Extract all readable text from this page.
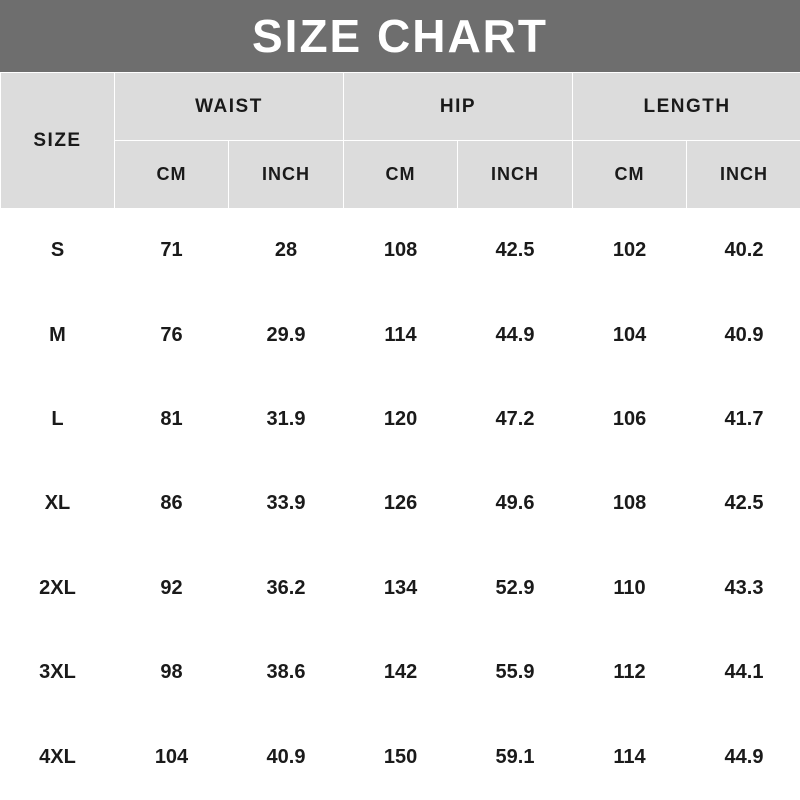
SIZE CHART
SIZE	WAIST		HIP		LENGTH	
	CM	INCH	CM	INCH	CM	INCH
S	71	28	108	42.5	102	40.2
M	76	29.9	114	44.9	104	40.9
L	81	31.9	120	47.2	106	41.7
XL	86	33.9	126	49.6	108	42.5
2XL	92	36.2	134	52.9	110	43.3
3XL	98	38.6	142	55.9	112	44.1
4XL	104	40.9	150	59.1	114	44.9
